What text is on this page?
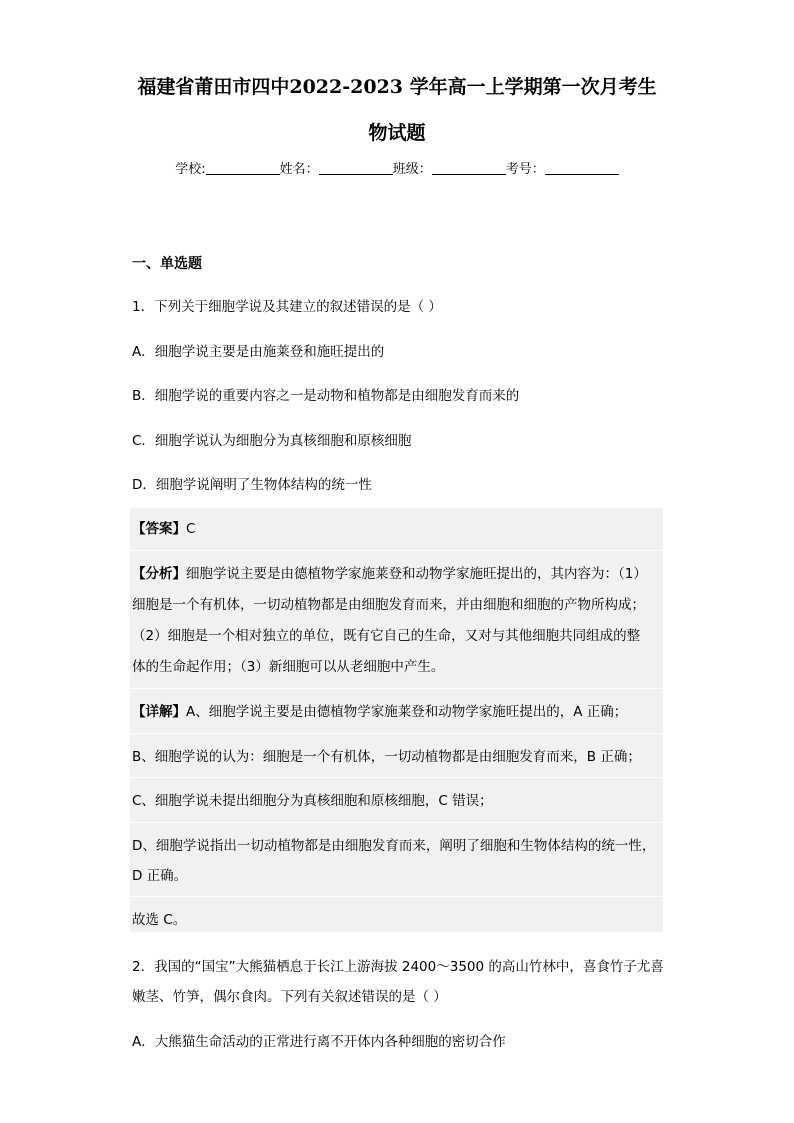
福建省莆田市四中2022-2023 学年高一上学期第一次月考生
物试题
学校:	姓名：	班级：	考号：
一、单选题
1．下列关于细胞学说及其建立的叙述错误的是（ ）
A．细胞学说主要是由施莱登和施旺提出的
B．细胞学说的重要内容之一是动物和植物都是由细胞发育而来的
C．细胞学说认为细胞分为真核细胞和原核细胞
D．细胞学说阐明了生物体结构的统一性
【答案】C
【分析】细胞学说主要是由德植物学家施莱登和动物学家施旺提出的，其内容为：（1）
细胞是一个有机体，一切动植物都是由细胞发育而来，并由细胞和细胞的产物所构成；
（2）细胞是一个相对独立的单位，既有它自己的生命，又对与其他细胞共同组成的整
体的生命起作用；（3）新细胞可以从老细胞中产生。
【详解】A、细胞学说主要是由德植物学家施莱登和动物学家施旺提出的，A 正确；
B、细胞学说的认为：细胞是一个有机体，一切动植物都是由细胞发育而来，B 正确；
C、细胞学说未提出细胞分为真核细胞和原核细胞，C 错误；
D、细胞学说指出一切动植物都是由细胞发育而来，阐明了细胞和生物体结构的统一性，
D 正确。
故选 C。
2．我国的“国宝”大熊猫栖息于长江上游海拔 2400～3500 的高山竹林中，喜食竹子尤喜
嫩茎、竹笋，偶尔食肉。下列有关叙述错误的是（ ）
A．大熊猫生命活动的正常进行离不开体内各种细胞的密切合作
